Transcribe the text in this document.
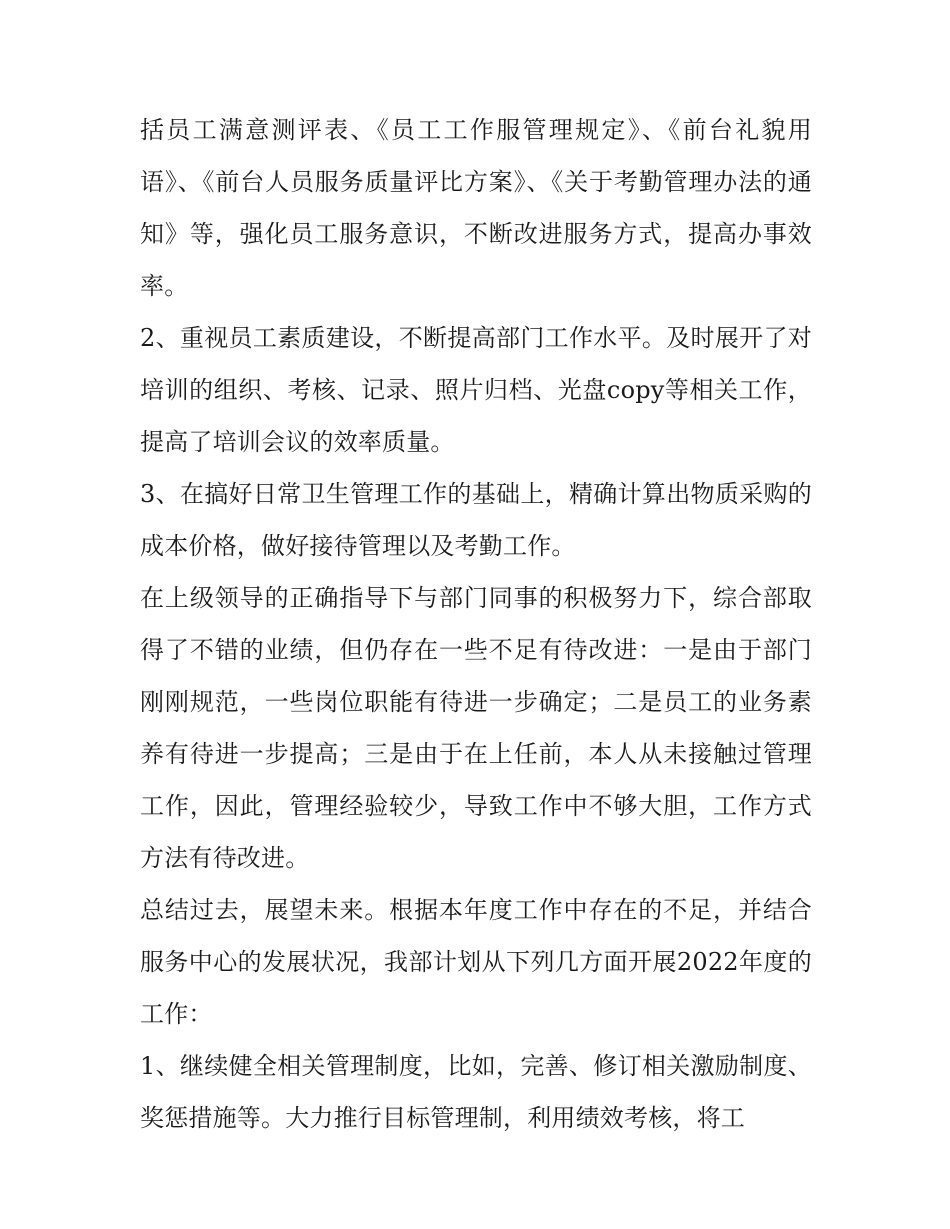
括员工满意测评表、《员工工作服管理规定》、《前台礼貌用语》、《前台人员服务质量评比方案》、《关于考勤管理办法的通知》等，强化员工服务意识，不断改进服务方式，提高办事效率。

2、重视员工素质建设，不断提高部门工作水平。及时展开了对培训的组织、考核、记录、照片归档、光盘copy等相关工作，提高了培训会议的效率质量。

3、在搞好日常卫生管理工作的基础上，精确计算出物质采购的成本价格，做好接待管理以及考勤工作。

在上级领导的正确指导下与部门同事的积极努力下，综合部取得了不错的业绩，但仍存在一些不足有待改进：一是由于部门刚刚规范，一些岗位职能有待进一步确定；二是员工的业务素养有待进一步提高；三是由于在上任前，本人从未接触过管理工作，因此，管理经验较少，导致工作中不够大胆，工作方式方法有待改进。

总结过去，展望未来。根据本年度工作中存在的不足，并结合服务中心的发展状况，我部计划从下列几方面开展2022年度的工作：

1、继续健全相关管理制度，比如，完善、修订相关激励制度、奖惩措施等。大力推行目标管理制，利用绩效考核，将工
